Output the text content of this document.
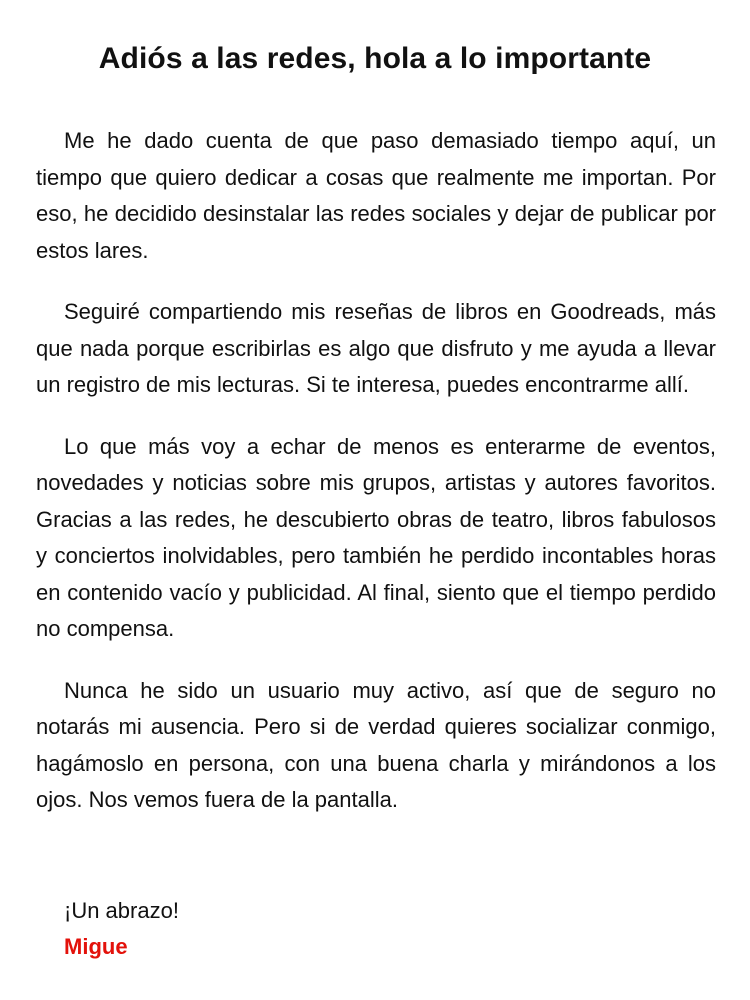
Adiós a las redes, hola a lo importante

Me he dado cuenta de que paso demasiado tiempo aquí, un tiempo que quiero dedicar a cosas que realmente me importan. Por eso, he decidido desinstalar las redes sociales y dejar de publicar por estos lares.

Seguiré compartiendo mis reseñas de libros en Goodreads, más que nada porque escribirlas es algo que disfruto y me ayuda a llevar un registro de mis lecturas. Si te interesa, puedes encontrarme allí.

Lo que más voy a echar de menos es enterarme de eventos, novedades y noticias sobre mis grupos, artistas y autores favoritos. Gracias a las redes, he descubierto obras de teatro, libros fabulosos y conciertos inolvidables, pero también he perdido incontables horas en contenido vacío y publicidad. Al final, siento que el tiempo perdido no compensa.

Nunca he sido un usuario muy activo, así que de seguro no notarás mi ausencia. Pero si de verdad quieres socializar conmigo, hagámoslo en persona, con una buena charla y mirándonos a los ojos. Nos vemos fuera de la pantalla.

¡Un abrazo!

Migue
